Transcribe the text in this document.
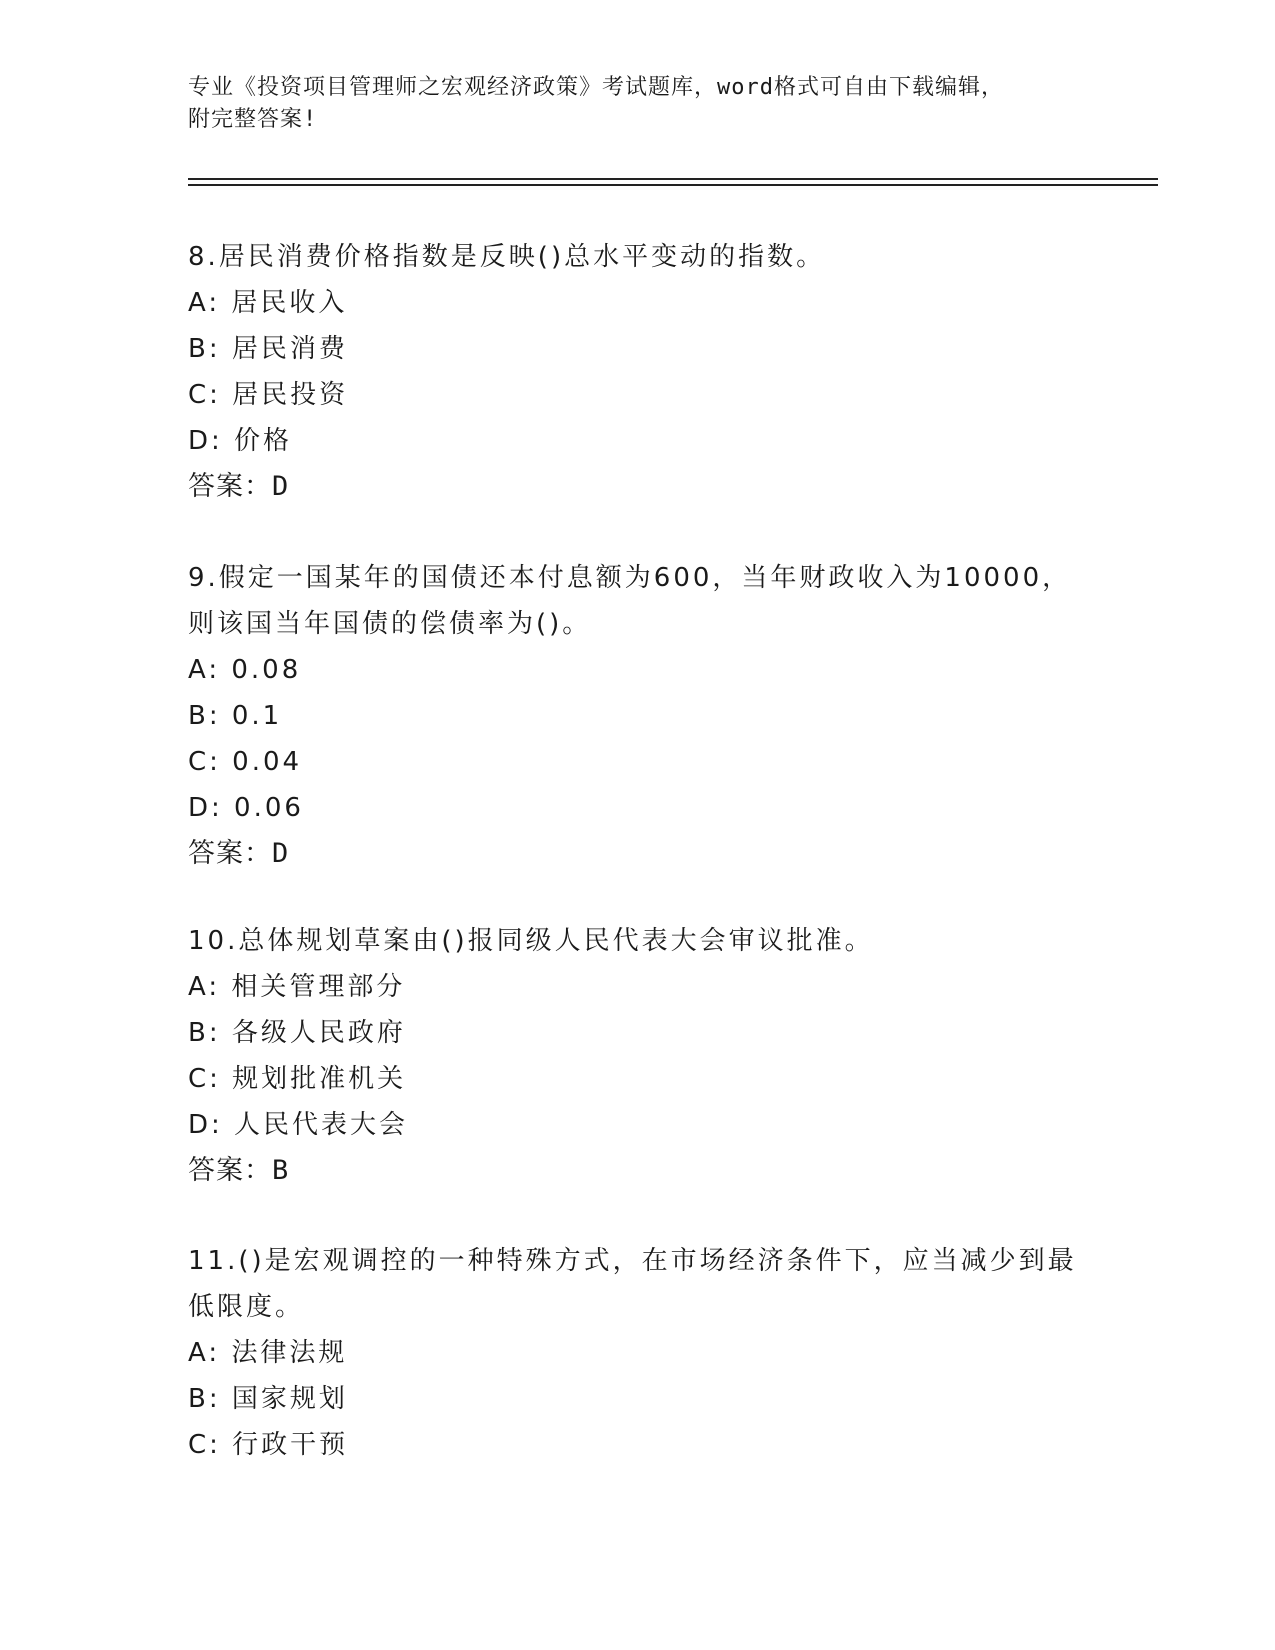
专业《投资项目管理师之宏观经济政策》考试题库，word格式可自由下载编辑，
附完整答案!

8.居民消费价格指数是反映()总水平变动的指数。

A: 居民收入

B: 居民消费

C: 居民投资

D: 价格

答案：D

9.假定一国某年的国债还本付息额为600，当年财政收入为10000，则该国当年国债的偿债率为()。

A: 0.08

B: 0.1

C: 0.04

D: 0.06

答案：D

10.总体规划草案由()报同级人民代表大会审议批准。

A: 相关管理部分

B: 各级人民政府

C: 规划批准机关

D: 人民代表大会

答案：B

11.()是宏观调控的一种特殊方式，在市场经济条件下，应当减少到最低限度。

A: 法律法规

B: 国家规划

C: 行政干预
